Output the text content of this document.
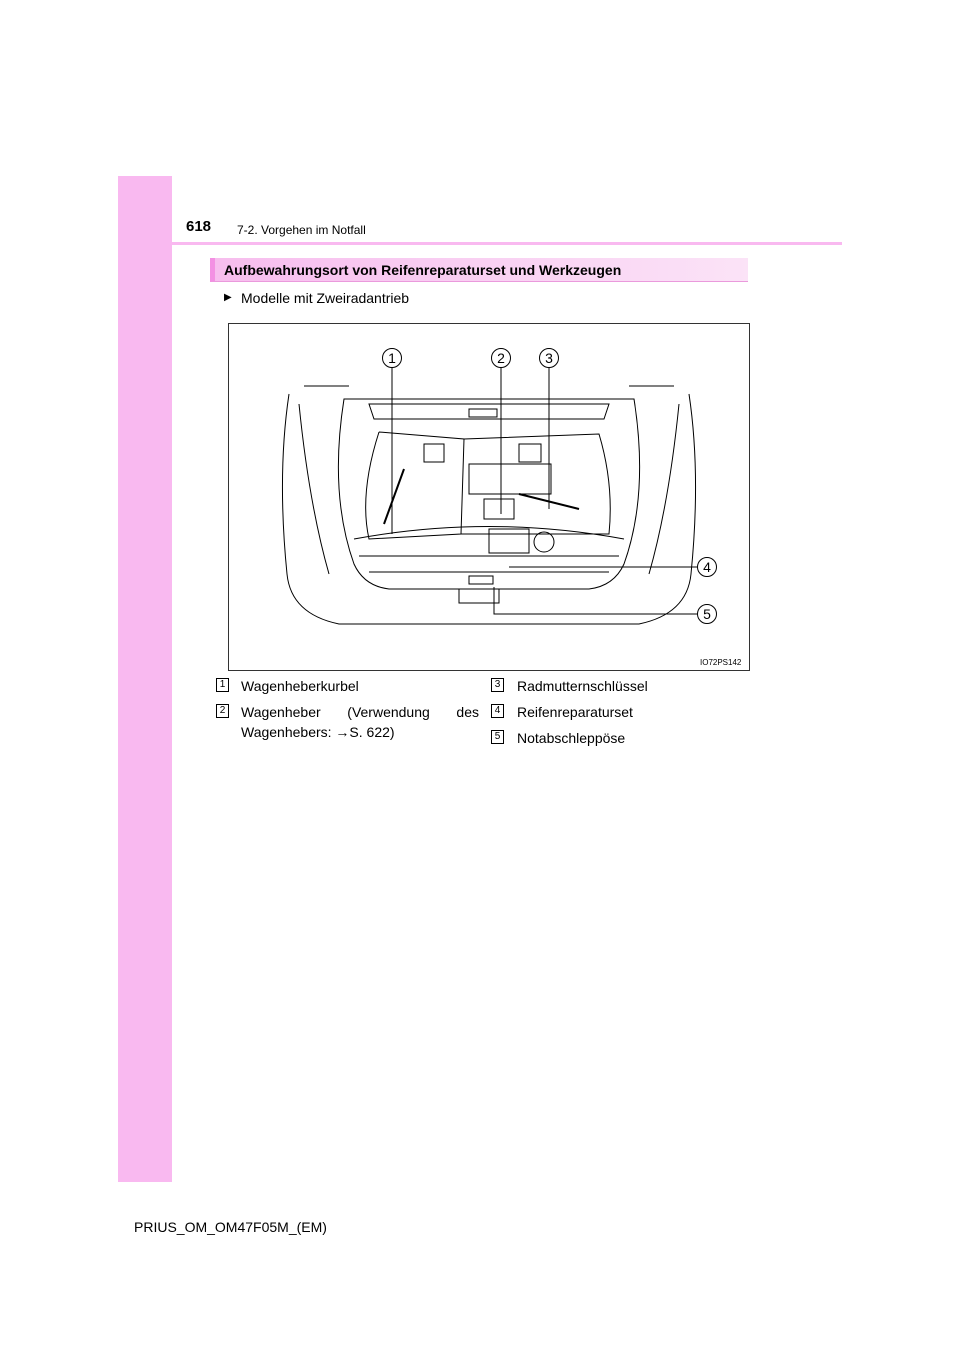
618 7-2. Vorgehen im Notfall
Aufbewahrungsort von Reifenreparaturset und Werkzeugen
▶ Modelle mit Zweiradantrieb
1	2	3
4
5
IO72PS142
1 Wagenheberkurbel
2 Wagenheber (Verwendung des
Wagenhebers: →S. 622)
3 Radmutternschlüssel
4 Reifenreparaturset
5 Notabschleppöse
PRIUS_OM_OM47F05M_(EM)
